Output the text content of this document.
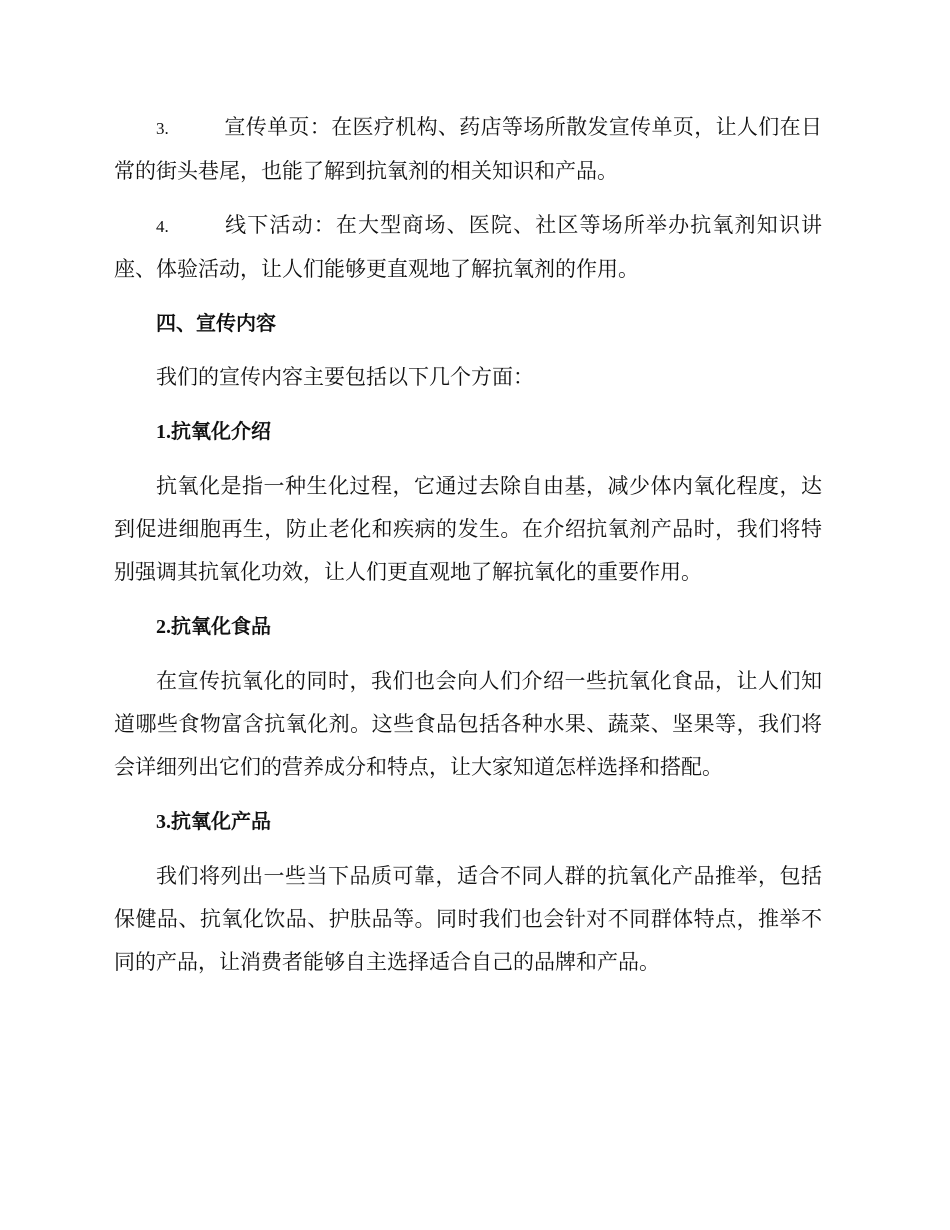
3.	宣传单页：在医疗机构、药店等场所散发宣传单页，让人们在日常的街头巷尾，也能了解到抗氧剂的相关知识和产品。

4.	线下活动：在大型商场、医院、社区等场所举办抗氧剂知识讲座、体验活动，让人们能够更直观地了解抗氧剂的作用。

四、宣传内容

我们的宣传内容主要包括以下几个方面：

1.抗氧化介绍

抗氧化是指一种生化过程，它通过去除自由基，减少体内氧化程度，达到促进细胞再生，防止老化和疾病的发生。在介绍抗氧剂产品时，我们将特别强调其抗氧化功效，让人们更直观地了解抗氧化的重要作用。

2.抗氧化食品

在宣传抗氧化的同时，我们也会向人们介绍一些抗氧化食品，让人们知道哪些食物富含抗氧化剂。这些食品包括各种水果、蔬菜、坚果等，我们将会详细列出它们的营养成分和特点，让大家知道怎样选择和搭配。

3.抗氧化产品

我们将列出一些当下品质可靠，适合不同人群的抗氧化产品推举，包括保健品、抗氧化饮品、护肤品等。同时我们也会针对不同群体特点，推举不同的产品，让消费者能够自主选择适合自己的品牌和产品。
